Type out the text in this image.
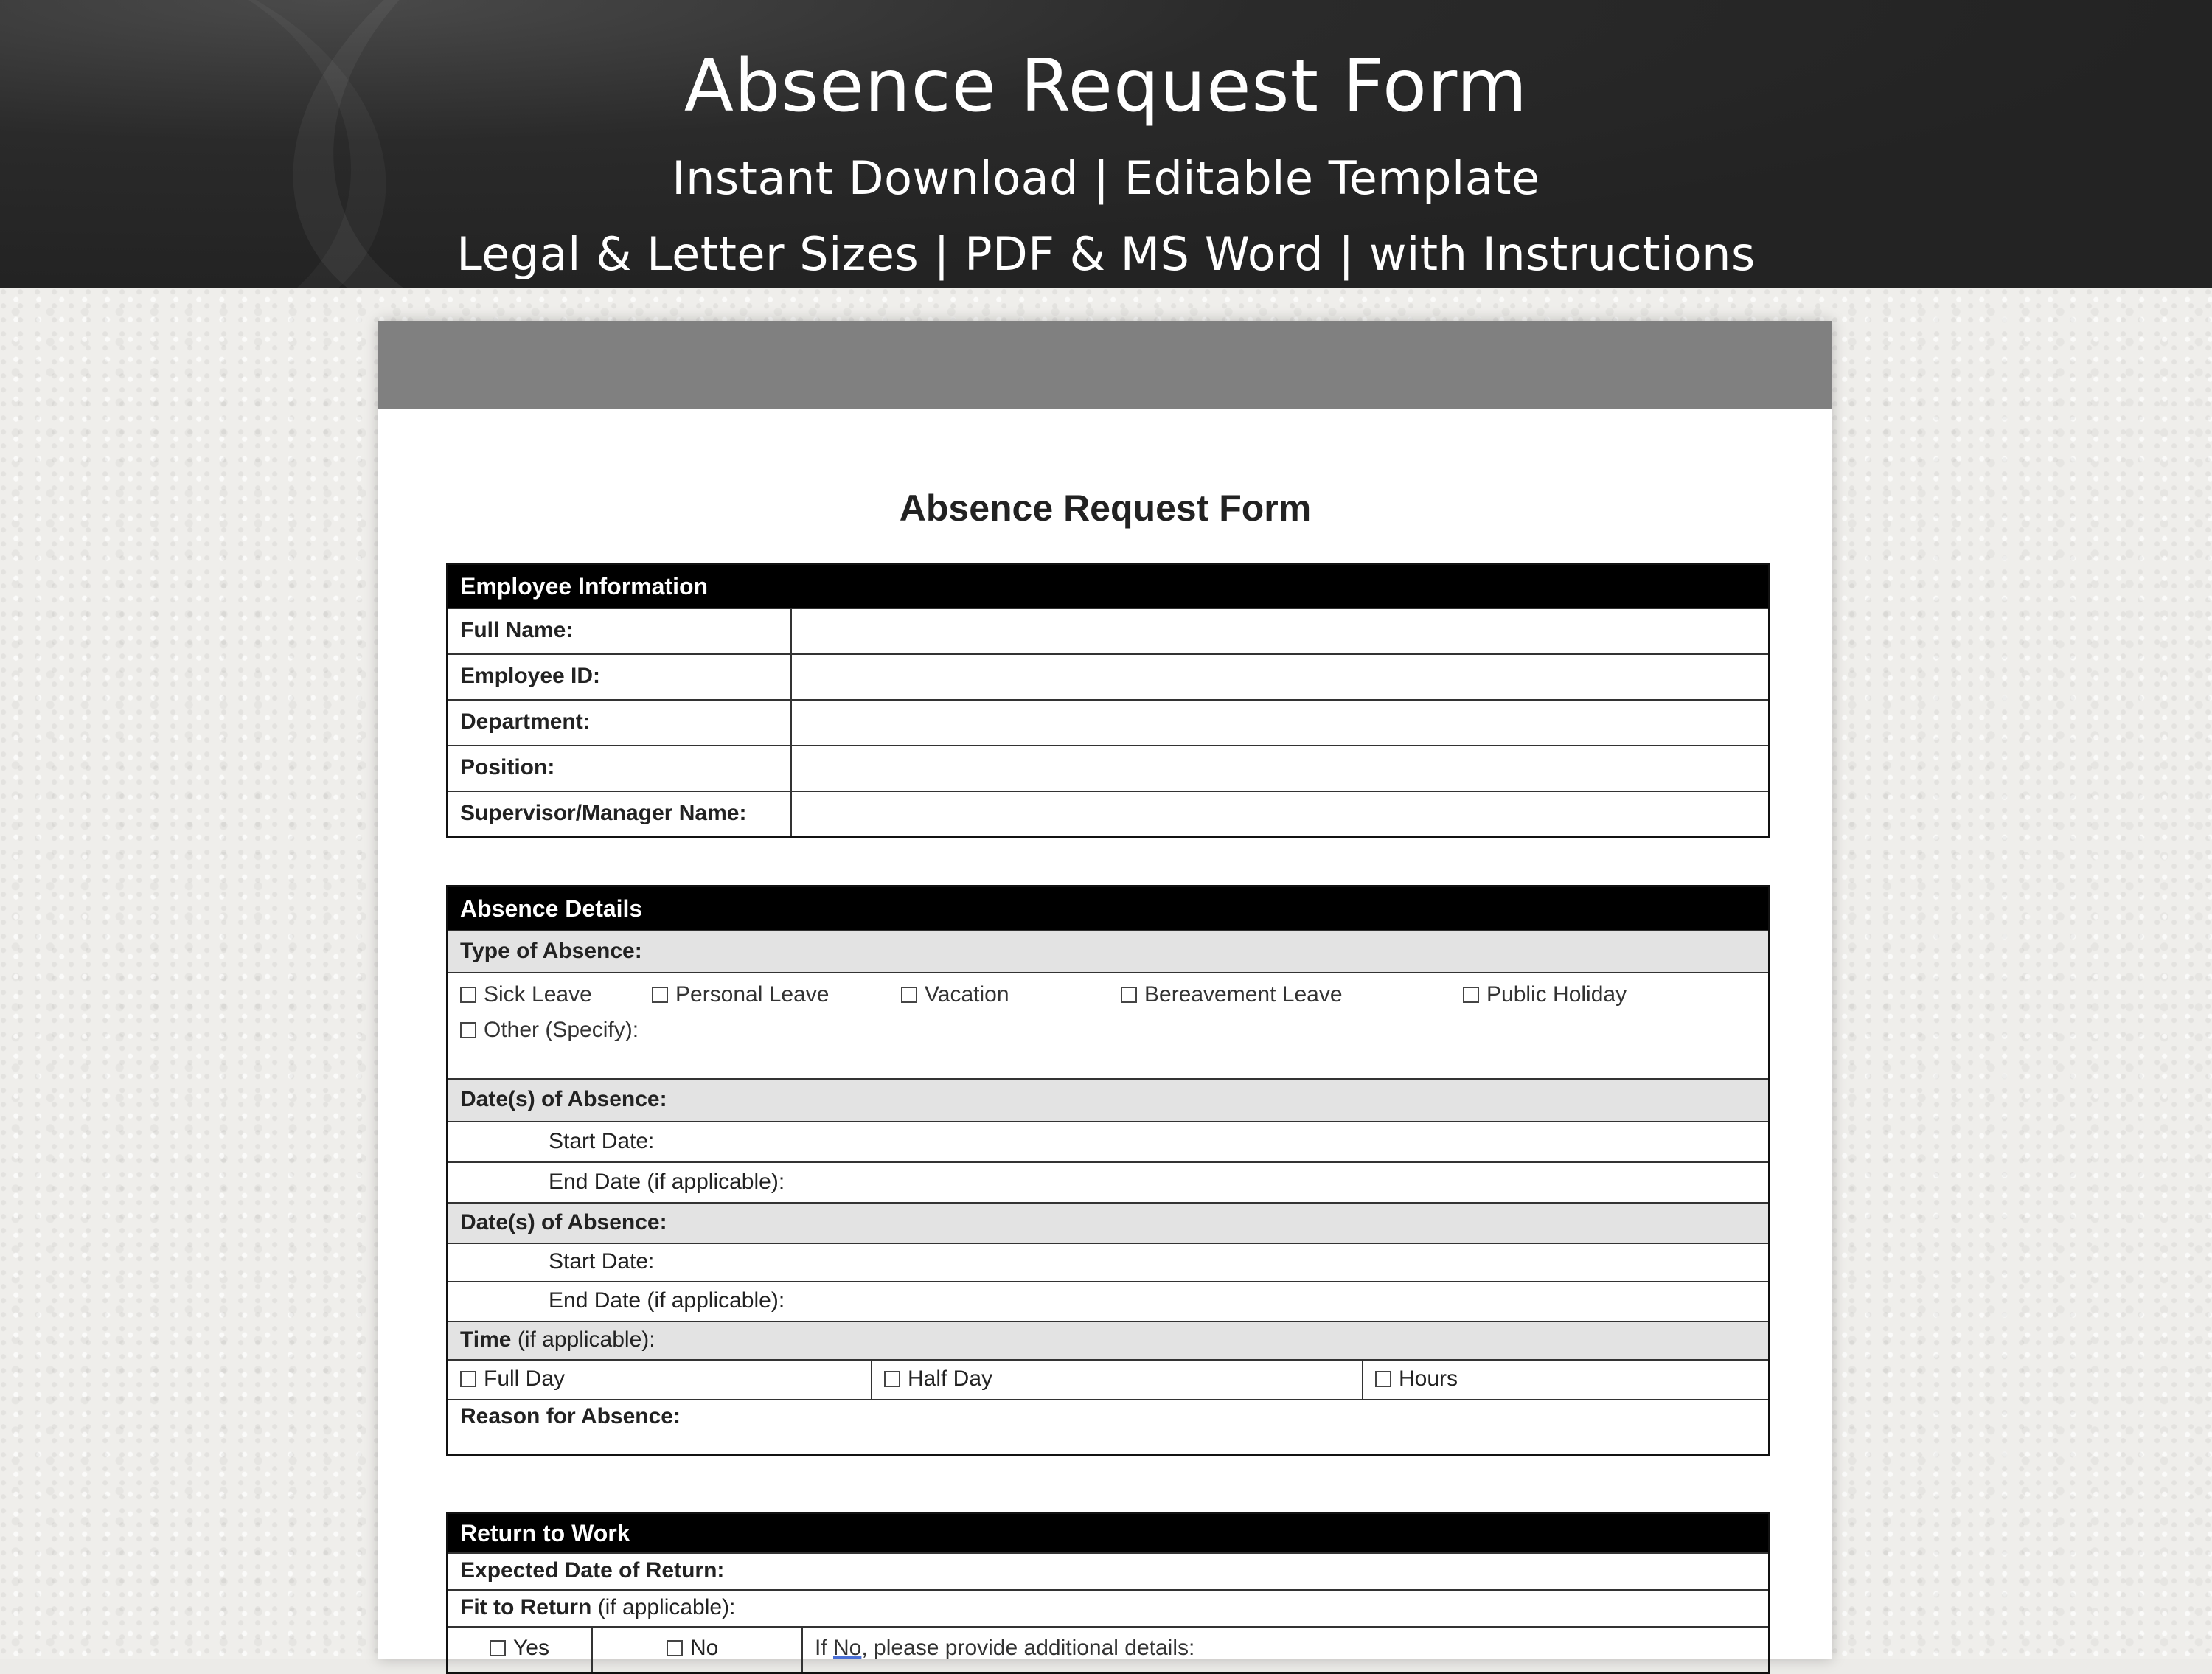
Absence Request Form

Instant Download | Editable Template

Legal & Letter Sizes | PDF & MS Word | with Instructions

Absence Request Form
Employee Information
Full Name:
Employee ID:
Department:
Position:
Supervisor/Manager Name:
Absence Details
Type of Absence:
Sick Leave	Personal Leave	Vacation	Bereavement Leave	Public Holiday
Other (Specify):
Date(s) of Absence:
Start Date:
End Date (if applicable):
Date(s) of Absence:
Start Date:
End Date (if applicable):
Time
(if applicable):
Full Day	Half Day	Hours
Reason for Absence:
Return to Work
Expected Date of Return:
Fit to Return
(if applicable):
Yes	No	If No, please provide additional details:
